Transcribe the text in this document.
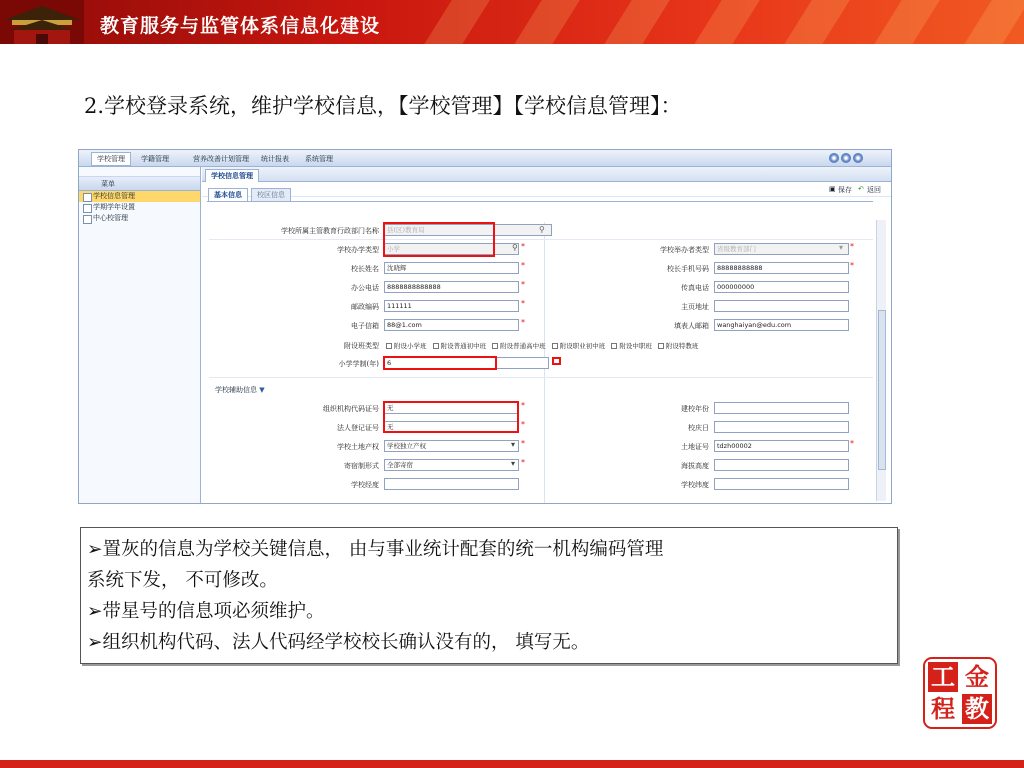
教育服务与监管体系信息化建设
2.学校登录系统，维护学校信息，【学校管理】【学校信息管理】：
学校管理	学籍管理	营养改善计划管理 统计报表 系统管理
菜单
学校信息管理
学期学年设置
中心校管理
学校信息管理
▣ 保存 ↶ 返回
基本信息	校区信息
学校所属主管教育行政部门名称	县(区)教育局	⚲
学校办学类型	小学	⚲ *	学校举办者类型	省级教育部门	▾ *
校长姓名	沈晓辉	*	校长手机号码	88888888888	*
办公电话	8888888888888	*	传真电话	000000000
邮政编码	111111	*	主页地址
电子信箱	88@1.com	*	填表人邮箱	wanghaiyan@edu.com
附设班类型	附设小学班 附设普通初中班 附设普通高中班 附设职业初中班 附设中职班 附设特教班
小学学制(年)	6
学校辅助信息 ▼
组织机构代码证号	无	*	建校年份
法人登记证号	无	*	校庆日
学校土地产权	学校独立产权	▾ *	土地证号	tdzh00002	*
寄宿制形式	全部寄宿	▾ *	海拔高度
学校经度	学校纬度
➢置灰的信息为学校关键信息， 由与事业统计配套的统一机构编码管理
系统下发， 不可修改。
➢带星号的信息项必须维护。
➢组织机构代码、法人代码经学校校长确认没有的， 填写无。
工 金
程 教
